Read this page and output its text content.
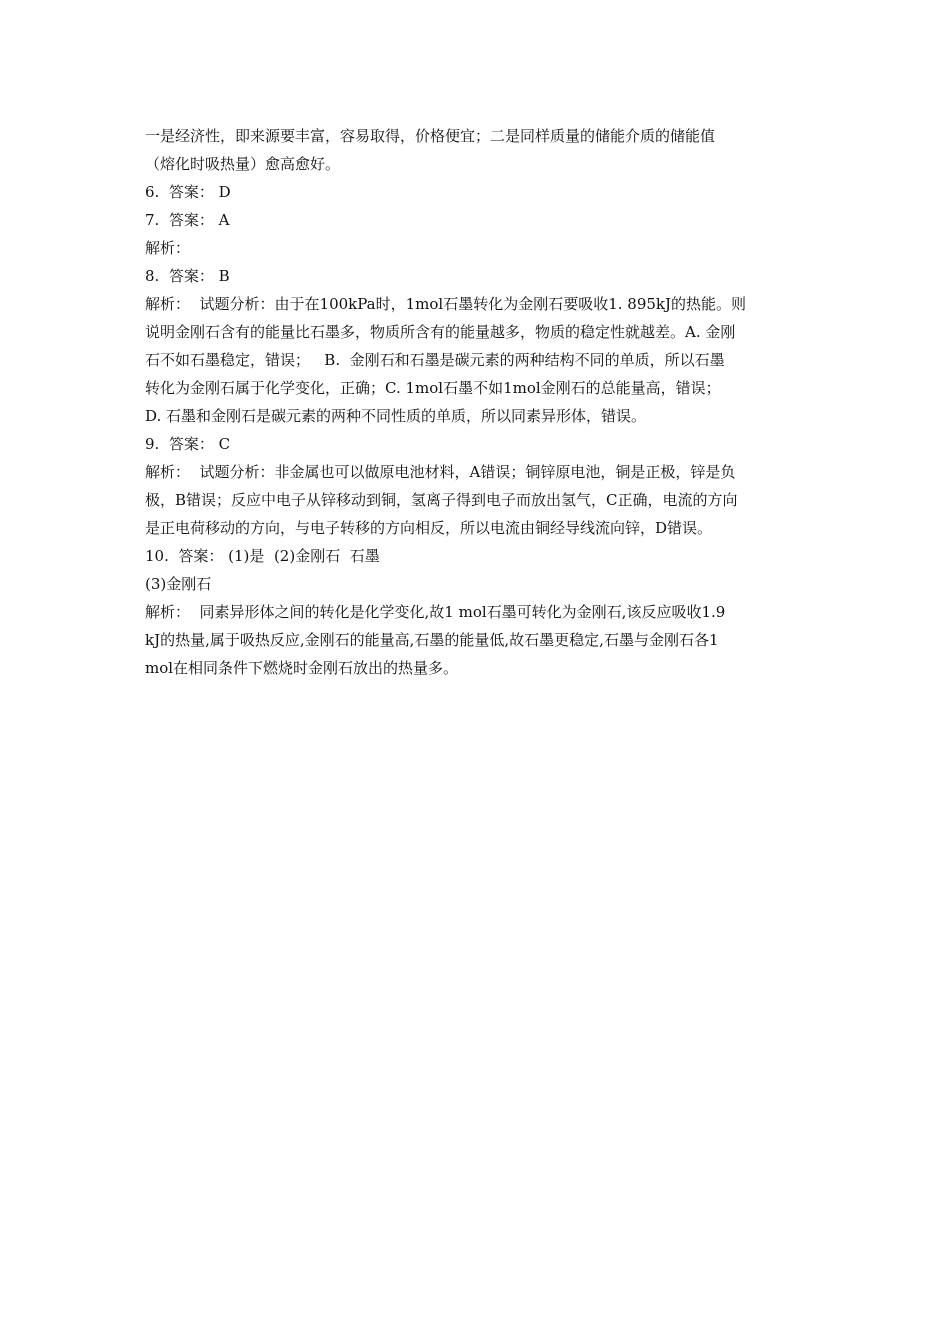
一是经济性，即来源要丰富，容易取得，价格便宜；二是同样质量的储能介质的储能值
（熔化时吸热量）愈高愈好。
6.  答案： D
7.  答案： A
解析：
8.  答案： B
解析：  试题分析：由于在100kPa时，1mol石墨转化为金刚石要吸收1. 895kJ的热能。则
说明金刚石含有的能量比石墨多，物质所含有的能量越多，物质的稳定性就越差。A. 金刚
石不如石墨稳定，错误；   B.  金刚石和石墨是碳元素的两种结构不同的单质，所以石墨
转化为金刚石属于化学变化，正确；C. 1mol石墨不如1mol金刚石的总能量高，错误；
D. 石墨和金刚石是碳元素的两种不同性质的单质，所以同素异形体，错误。
9.  答案： C
解析：  试题分析：非金属也可以做原电池材料，A错误；铜锌原电池，铜是正极，锌是负
极，B错误；反应中电子从锌移动到铜，氢离子得到电子而放出氢气，C正确，电流的方向
是正电荷移动的方向，与电子转移的方向相反，所以电流由铜经导线流向锌，D错误。
10.  答案： (1)是  (2)金刚石  石墨
(3)金刚石
解析：  同素异形体之间的转化是化学变化,故1 mol石墨可转化为金刚石,该反应吸收1.9
kJ的热量,属于吸热反应,金刚石的能量高,石墨的能量低,故石墨更稳定,石墨与金刚石各1
mol在相同条件下燃烧时金刚石放出的热量多。
